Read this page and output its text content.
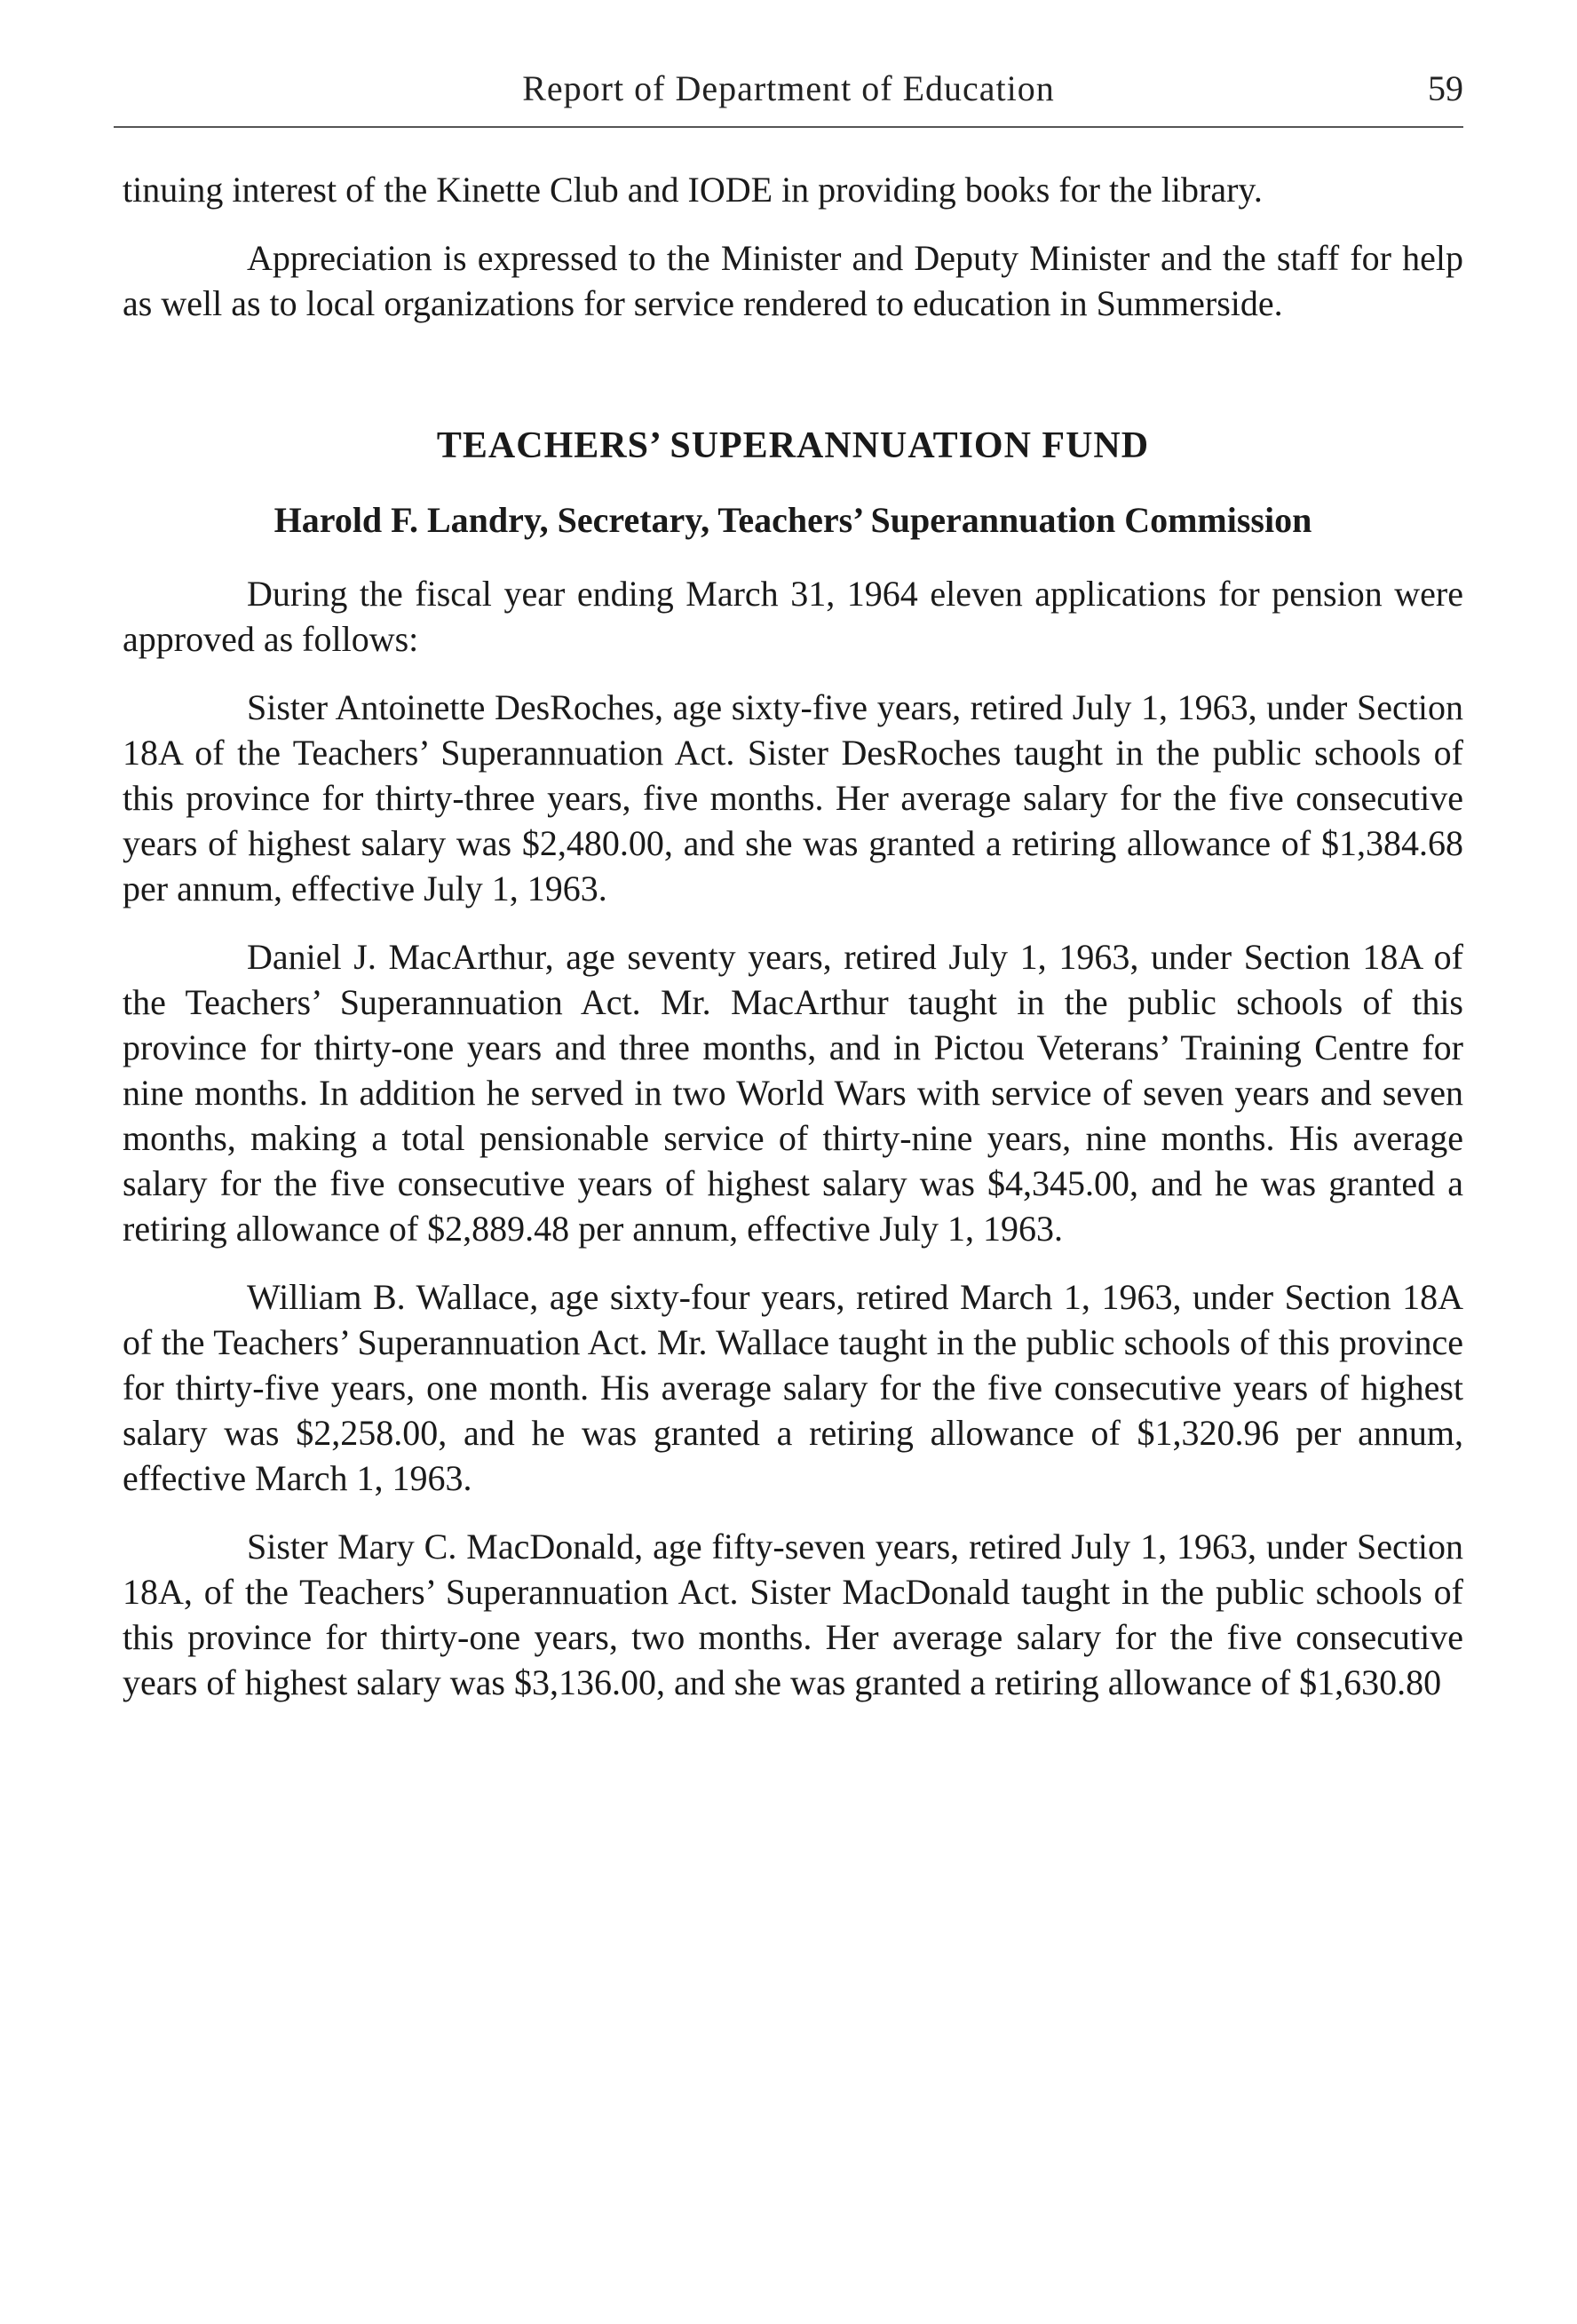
Report of Department of Education	59

tinuing interest of the Kinette Club and IODE in providing books for the library.

Appreciation is expressed to the Minister and Deputy Minister and the staff for help as well as to local organizations for service rendered to education in Summerside.

TEACHERS’ SUPERANNUATION FUND

Harold F. Landry, Secretary, Teachers’ Superannuation Commission

During the fiscal year ending March 31, 1964 eleven applications for pension were approved as follows:

Sister Antoinette DesRoches, age sixty-five years, retired July 1, 1963, under Section 18A of the Teachers’ Superannuation Act. Sister DesRoches taught in the public schools of this province for thirty-three years, five months. Her average salary for the five consecutive years of highest salary was $2,480.00, and she was granted a retiring allowance of $1,384.68 per annum, effective July 1, 1963.

Daniel J. MacArthur, age seventy years, retired July 1, 1963, under Section 18A of the Teachers’ Superannuation Act. Mr. MacArthur taught in the public schools of this province for thirty-one years and three months, and in Pictou Veterans’ Training Centre for nine months. In addition he served in two World Wars with service of seven years and seven months, making a total pensionable service of thirty-nine years, nine months. His average salary for the five consecutive years of highest salary was $4,345.00, and he was granted a retiring allowance of $2,889.48 per annum, effective July 1, 1963.

William B. Wallace, age sixty-four years, retired March 1, 1963, under Section 18A of the Teachers’ Superannuation Act. Mr. Wallace taught in the public schools of this province for thirty-five years, one month. His average salary for the five consecutive years of highest salary was $2,258.00, and he was granted a retiring allowance of $1,320.96 per annum, effective March 1, 1963.

Sister Mary C. MacDonald, age fifty-seven years, retired July 1, 1963, under Section 18A, of the Teachers’ Superannuation Act. Sister MacDonald taught in the public schools of this province for thirty-one years, two months. Her average salary for the five consecutive years of highest salary was $3,136.00, and she was granted a retiring allowance of $1,630.80
